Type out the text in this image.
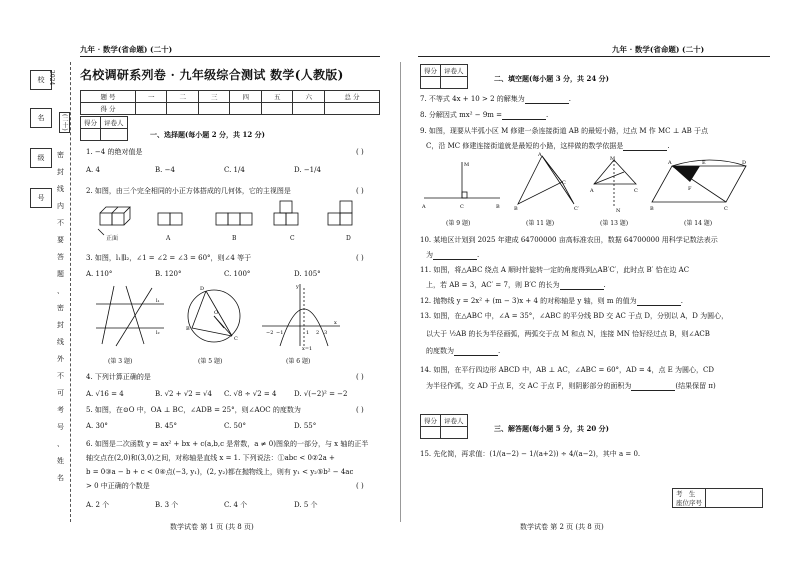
九年 · 数学(省命题) (二十)	九年 · 数学(省命题) (二十)
校
名
级
号
2024
(二十)
密
封
线
内
不
要
答
题
、
密
封
线
外
不
可
考
号
、
姓
名
名校调研系列卷 · 九年级综合测试 数学(人教版)
题 号	一	二	三	四	五	六	总 分
得 分							
得分	评卷人

一、选择题(每小题 2 分，共 12 分)
1. −4 的绝对值是	( )
A. 4	B. −4	C. 1/4	D. −1/4
2. 如图，由三个完全相同的小正方体搭成的几何体，它的主视图是	( )
正面	A	B	C	D
3. 如图，l₁∥l₂，∠1 = ∠2 = ∠3 = 60°，则∠4 等于	( )
A. 110°	B. 120°	C. 100°	D. 105°
l₁
l₂
D
O
B
C
−2 −1	1 2 3
y
x
x=1
(第 3 题)	(第 5 题)	(第 6 题)
4. 下列计算正确的是	( )
A. √16 = 4	B. √2 + √2 = √4 C. √8 ÷ √2 = 4	D. √(−2)² = −2
5. 如图，在⊙O 中，OA ⊥ BC，∠ADB = 25°，则∠AOC 的度数为	( )
A. 30°	B. 45°	C. 50°	D. 55°
6. 如图是二次函数 y = ax² + bx + c(a,b,c 是常数，a ≠ 0)图象的一部分，与 x 轴的正半
轴交点在(2,0)和(3,0)之间，对称轴是直线 x = 1. 下列说法：①abc < 0②2a +
b = 0③a − b + c < 0④点(−3, y₁)，(2, y₂)都在抛物线上，则有 y₁ < y₂⑤b² − 4ac
> 0 中正确的个数是	( )
A. 2 个	B. 3 个	C. 4 个	D. 5 个
数学试卷 第 1 页 (共 8 页)
得分	评卷人

二、填空题(每小题 3 分，共 24 分)
7. 不等式 4x + 10 > 2 的解集为	.
8. 分解因式 mx² − 9m =	.
9. 如图，现要从半弧小区 M 修建一条连接街道 AB 的最短小路，过点 M 作 MC ⊥ AB 于点
C，沿 MC 修建连接街道就是最短的小路，这样做的数学依据是	.
M
A	C	B
A
B
C
C′
M
A	C
N
A	D
B	C
F
E
(第 9 题)	(第 11 题)	(第 13 题)	(第 14 题)
10. 某地区计划到 2025 年建成 64700000 亩高标准农田，数据 64700000 用科学记数法表示
为	.
11. 如图，将△ABC 绕点 A 顺时针旋转一定的角度得到△AB′C′，此时点 B′ 恰在边 AC
上，若 AB = 3，AC′ = 7，则 B′C 的长为	.
12. 抛物线 y = 2x² + (m − 3)x + 4 的对称轴是 y 轴，则 m 的值为	.
13. 如图，在△ABC 中，∠A = 35°，∠ABC 的平分线 BD 交 AC 于点 D，分别以 A，D 为圆心，
以大于 ½AB 的长为半径画弧，两弧交于点 M 和点 N，连接 MN 恰好经过点 B，则∠ACB
的度数为	.
14. 如图，在平行四边形 ABCD 中，AB ⊥ AC，∠ABC = 60°，AD = 4，点 E 为圆心，CD
为半径作弧，交 AD 于点 E，交 AC 于点 F，则阴影部分的面积为	(结果保留 π)
得分	评卷人

三、解答题(每小题 5 分，共 20 分)
15. 先化简，再求值：(1/(a−2) − 1/(a+2)) ÷ 4/(a−2)，其中 a = 0.
考 生
座位序号	
数学试卷 第 2 页 (共 8 页)
